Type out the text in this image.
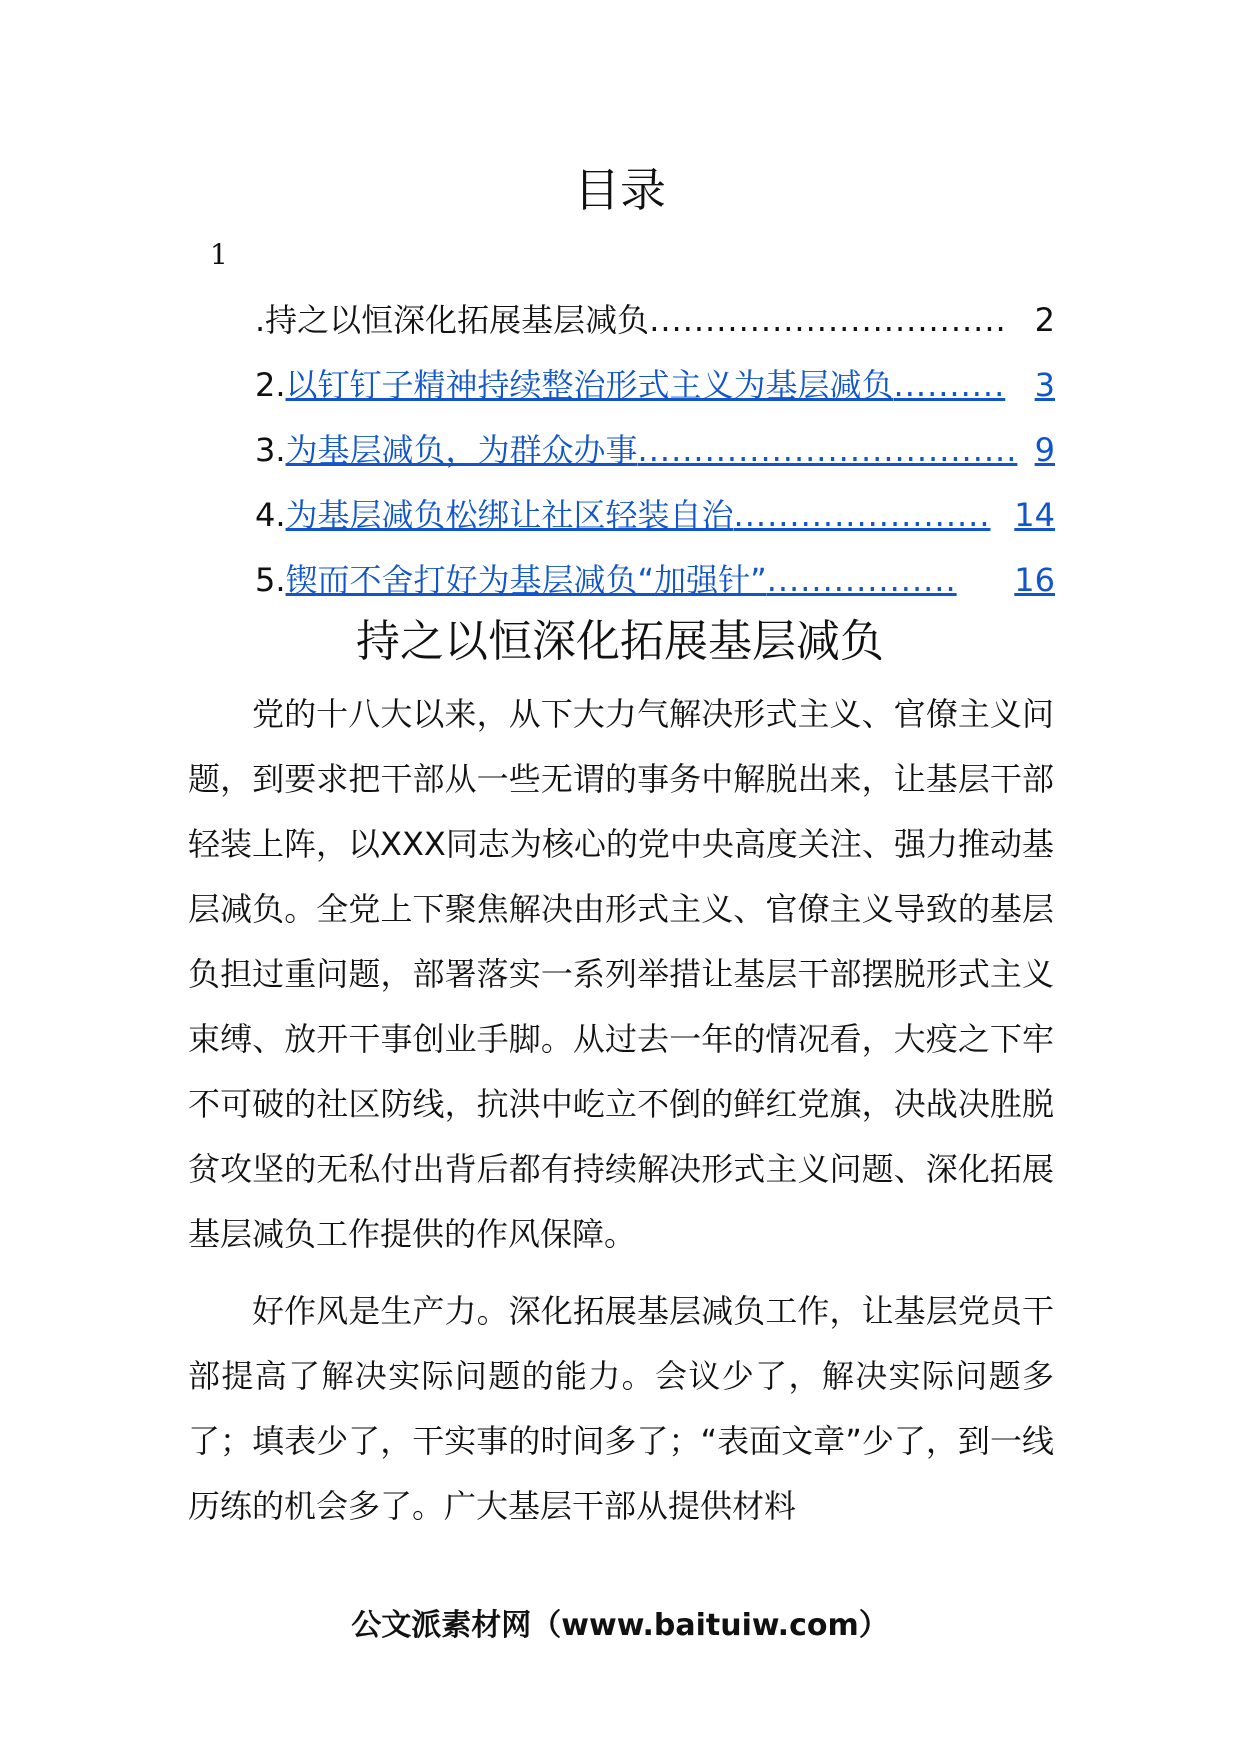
目录
1
. 持之以恒深化拓展基层减负 ................................ 2
2. 以钉钉子精神持续整治形式主义为基层减负 .......... 3
3. 为基层减负，为群众办事 .................................. 9
4. 为基层减负松绑让社区轻装自治 ....................... 14
5. 锲而不舍打好为基层减负“加强针” .................	16
持之以恒深化拓展基层减负

党的十八大以来，从下大力气解决形式主义、官僚主义问题，到要求把干部从一些无谓的事务中解脱出来，让基层干部轻装上阵，以XXX同志为核心的党中央高度关注、强力推动基层减负。全党上下聚焦解决由形式主义、官僚主义导致的基层负担过重问题，部署落实一系列举措让基层干部摆脱形式主义束缚、放开干事创业手脚。从过去一年的情况看，大疫之下牢不可破的社区防线，抗洪中屹立不倒的鲜红党旗，决战决胜脱贫攻坚的无私付出背后都有持续解决形式主义问题、深化拓展基层减负工作提供的作风保障。

好作风是生产力。深化拓展基层减负工作，让基层党员干部提高了解决实际问题的能力。会议少了，解决实际问题多了；填表少了，干实事的时间多了；“表面文章”少了，到一线历练的机会多了。广大基层干部从提供材料

公文派素材网（www.baituiw.com）
